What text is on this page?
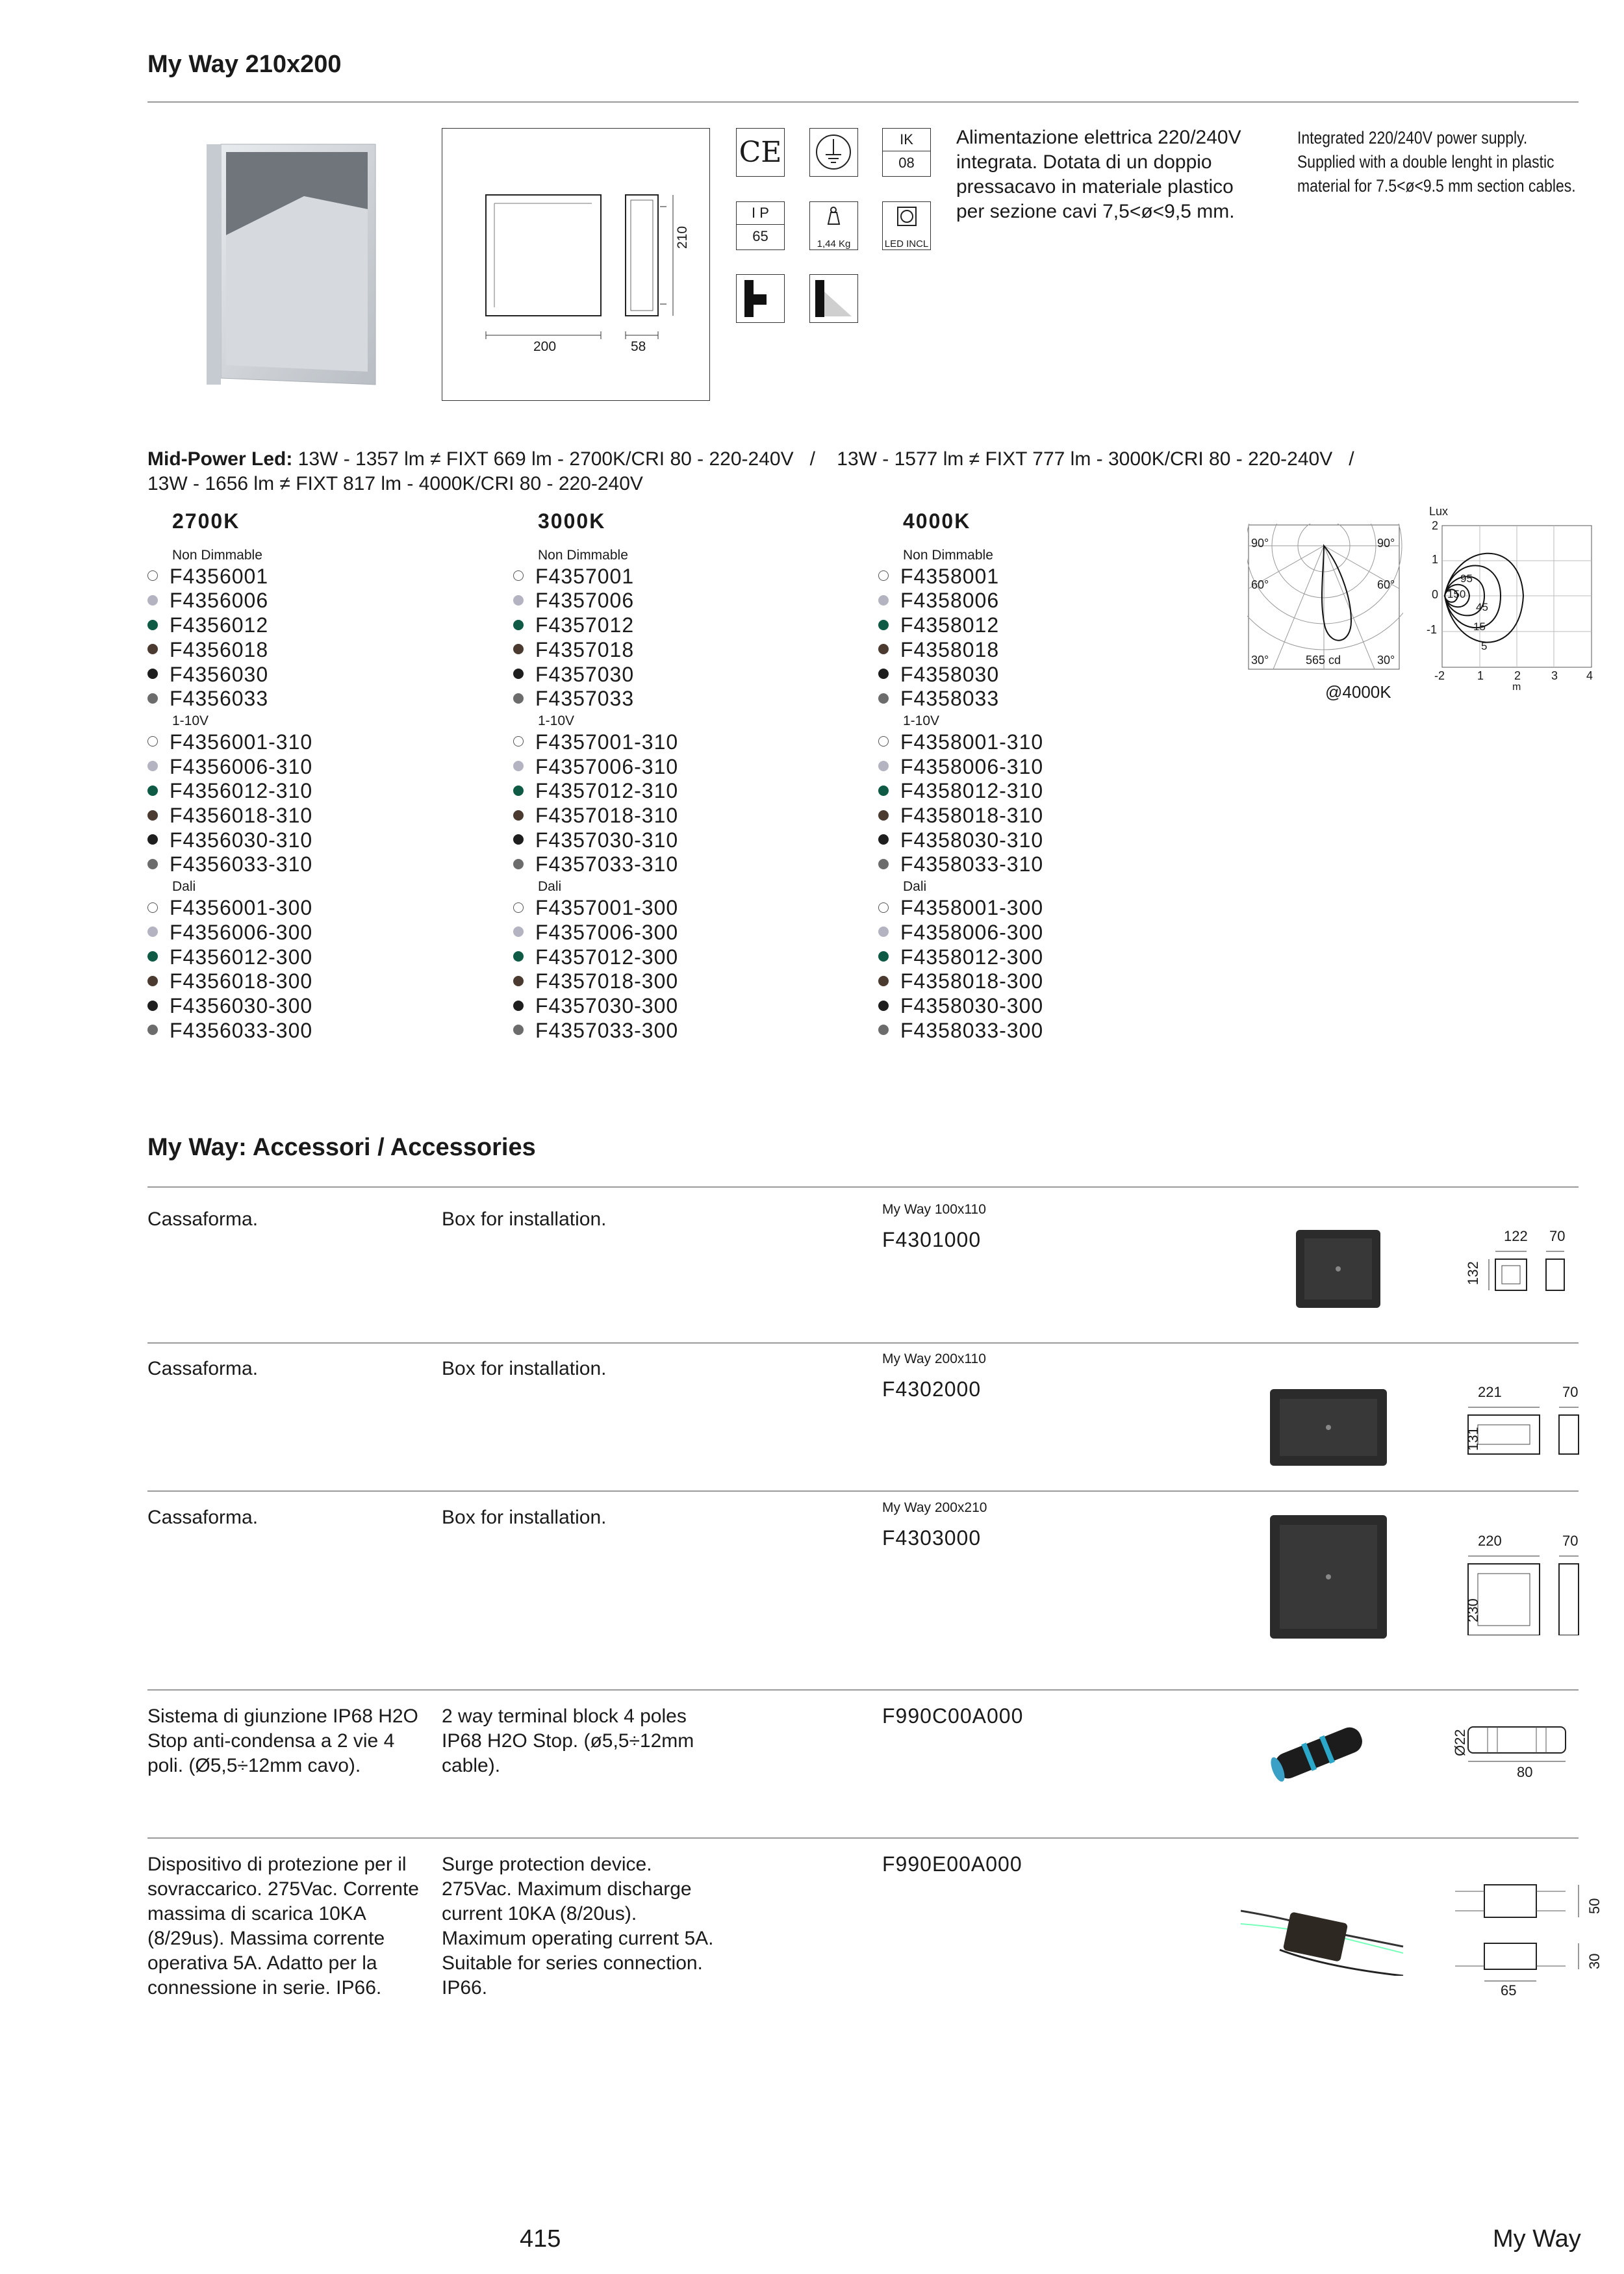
My Way 210x200
200	58
210
CE	IK
08
I P
65	1,44 Kg	LED INCL
Alimentazione elettrica 220/240V integrata. Dotata di un doppio pressacavo in materiale plastico per sezione cavi 7,5<ø<9,5 mm.
Integrated 220/240V power supply. Supplied with a double lenght in plastic material for 7.5<ø<9.5 mm section cables.
Mid-Power Led: 13W - 1357 lm ≠ FIXT 669 lm - 2700K/CRI 80 - 220-240V   /    13W - 1577 lm ≠ FIXT 777 lm - 3000K/CRI 80 - 220-240V   /
13W - 1656 lm ≠ FIXT 817 lm - 4000K/CRI 80 - 220-240V
2700K
Non Dimmable
F4356001
F4356006
F4356012
F4356018
F4356030
F4356033
1-10V
F4356001-310
F4356006-310
F4356012-310
F4356018-310
F4356030-310
F4356033-310
Dali
F4356001-300
F4356006-300
F4356012-300
F4356018-300
F4356030-300
F4356033-300
3000K
Non Dimmable
F4357001
F4357006
F4357012
F4357018
F4357030
F4357033
1-10V
F4357001-310
F4357006-310
F4357012-310
F4357018-310
F4357030-310
F4357033-310
Dali
F4357001-300
F4357006-300
F4357012-300
F4357018-300
F4357030-300
F4357033-300
4000K
Non Dimmable
F4358001
F4358006
F4358012
F4358018
F4358030
F4358033
1-10V
F4358001-310
F4358006-310
F4358012-310
F4358018-310
F4358030-310
F4358033-310
Dali
F4358001-300
F4358006-300
F4358012-300
F4358018-300
F4358030-300
F4358033-300
90°	90°
60°	60°
30°	30°
565 cd
@4000K
Lux
2
1
0
-1
-2	1	2	3 4
m
95
150
45
15
5
My Way: Accessori / Accessories
Cassaforma.	Box for installation.	My Way 100x110
F4301000	122 70
132
Cassaforma.	Box for installation.	My Way 200x110
F4302000	221	70
131
Cassaforma.	Box for installation.	My Way 200x210
F4303000	220	70
230
Sistema di giunzione IP68 H2O Stop anti-condensa a 2 vie 4 poli. (Ø5,5÷12mm cavo).
2 way terminal block 4 poles IP68 H2O Stop. (ø5,5÷12mm cable).
F990C00A000
Ø22
80
Dispositivo di protezione per il sovraccarico. 275Vac. Corrente massima di scarica 10KA (8/29us). Massima corrente operativa 5A. Adatto per la connessione in serie. IP66.
Surge protection device. 275Vac. Maximum discharge current 10KA (8/20us). Maximum operating current 5A. Suitable for series connection. IP66.
F990E00A000
50
30
65
415	My Way
